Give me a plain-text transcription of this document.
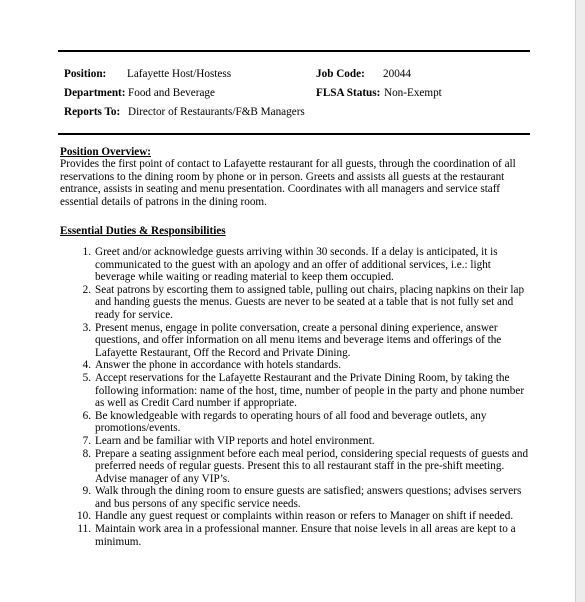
Position: Lafayette Host/Hostess	Job Code: 20044
Department: Food and Beverage	FLSA Status: Non-Exempt
Reports To: Director of Restaurants/F&B Managers
Position Overview:
Provides the first point of contact to Lafayette restaurant for all guests, through the coordination of all reservations to the dining room by phone or in person. Greets and assists all guests at the restaurant entrance, assists in seating and menu presentation. Coordinates with all managers and service staff essential details of patrons in the dining room.
Essential Duties & Responsibilities
1. Greet and/or acknowledge guests arriving within 30 seconds. If a delay is anticipated, it is communicated to the guest with an apology and an offer of additional services, i.e.: light beverage while waiting or reading material to keep them occupied.
2. Seat patrons by escorting them to assigned table, pulling out chairs, placing napkins on their lap and handing guests the menus. Guests are never to be seated at a table that is not fully set and ready for service.
3. Present menus, engage in polite conversation, create a personal dining experience, answer questions, and offer information on all menu items and beverage items and offerings of the Lafayette Restaurant, Off the Record and Private Dining.
4. Answer the phone in accordance with hotels standards.
5. Accept reservations for the Lafayette Restaurant and the Private Dining Room, by taking the following information: name of the host, time, number of people in the party and phone number as well as Credit Card number if appropriate.
6. Be knowledgeable with regards to operating hours of all food and beverage outlets, any promotions/events.
7. Learn and be familiar with VIP reports and hotel environment.
8. Prepare a seating assignment before each meal period, considering special requests of guests and preferred needs of regular guests. Present this to all restaurant staff in the pre-shift meeting. Advise manager of any VIP’s.
9. Walk through the dining room to ensure guests are satisfied; answers questions; advises servers and bus persons of any specific service needs.
10. Handle any guest request or complaints within reason or refers to Manager on shift if needed.
11. Maintain work area in a professional manner. Ensure that noise levels in all areas are kept to a minimum.
